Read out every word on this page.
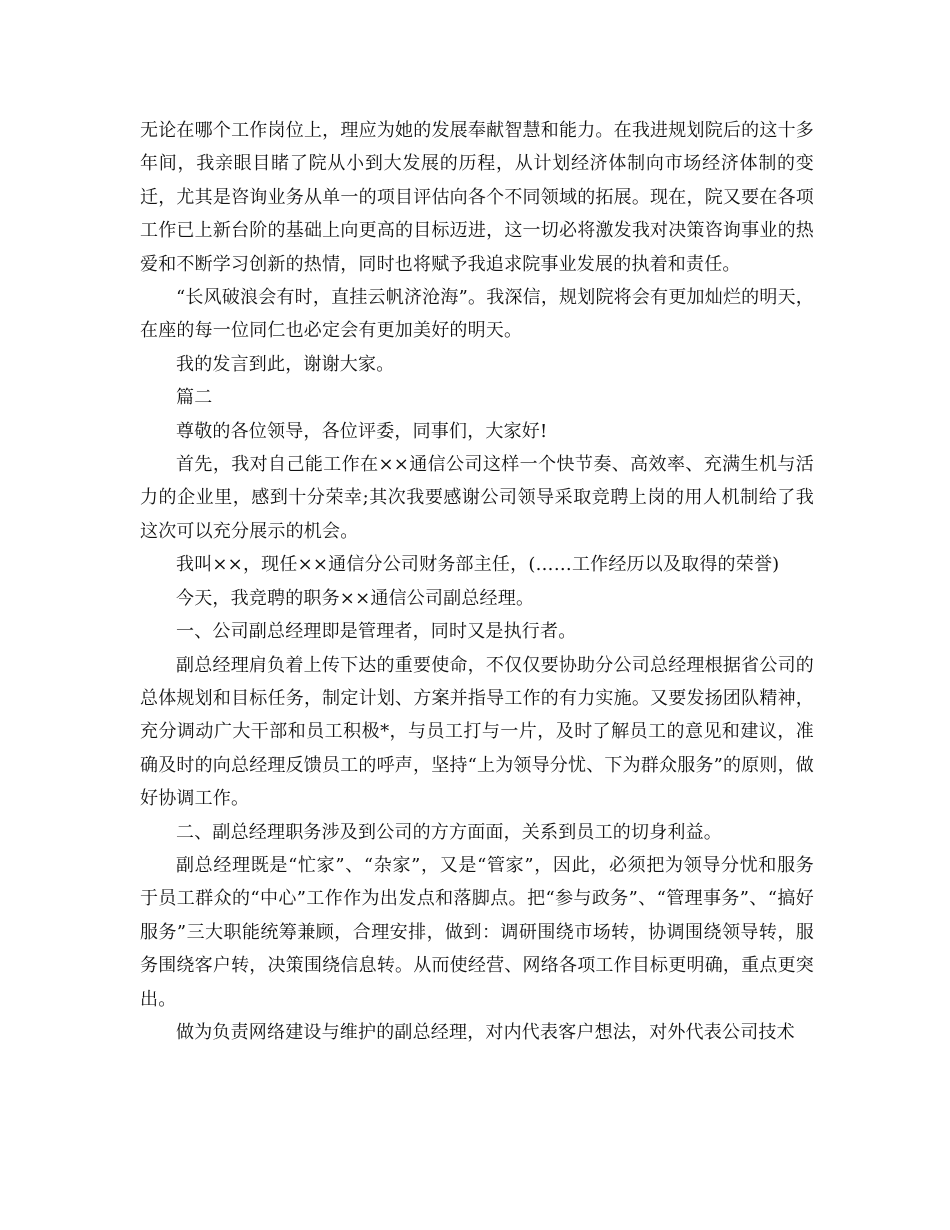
无论在哪个工作岗位上，理应为她的发展奉献智慧和能力。在我进规划院后的这十多年间，我亲眼目睹了院从小到大发展的历程，从计划经济体制向市场经济体制的变迁，尤其是咨询业务从单一的项目评估向各个不同领域的拓展。现在，院又要在各项工作已上新台阶的基础上向更高的目标迈进，这一切必将激发我对决策咨询事业的热爱和不断学习创新的热情，同时也将赋予我追求院事业发展的执着和责任。

“长风破浪会有时，直挂云帆济沧海”。我深信，规划院将会有更加灿烂的明天，在座的每一位同仁也必定会有更加美好的明天。

我的发言到此，谢谢大家。

篇二

尊敬的各位领导，各位评委，同事们，大家好!

首先，我对自己能工作在××通信公司这样一个快节奏、高效率、充满生机与活力的企业里，感到十分荣幸;其次我要感谢公司领导采取竞聘上岗的用人机制给了我这次可以充分展示的机会。

我叫××，现任××通信分公司财务部主任，(……工作经历以及取得的荣誉)

今天，我竞聘的职务××通信公司副总经理。

一、公司副总经理即是管理者，同时又是执行者。

副总经理肩负着上传下达的重要使命，不仅仅要协助分公司总经理根据省公司的总体规划和目标任务，制定计划、方案并指导工作的有力实施。又要发扬团队精神，充分调动广大干部和员工积极*，与员工打与一片，及时了解员工的意见和建议，准确及时的向总经理反馈员工的呼声，坚持“上为领导分忧、下为群众服务”的原则，做好协调工作。

二、副总经理职务涉及到公司的方方面面，关系到员工的切身利益。

副总经理既是“忙家”、“杂家”，又是“管家”，因此，必须把为领导分忧和服务于员工群众的“中心”工作作为出发点和落脚点。把“参与政务”、“管理事务”、“搞好服务”三大职能统筹兼顾，合理安排，做到：调研围绕市场转，协调围绕领导转，服务围绕客户转，决策围绕信息转。从而使经营、网络各项工作目标更明确，重点更突出。

做为负责网络建设与维护的副总经理，对内代表客户想法，对外代表公司技术
